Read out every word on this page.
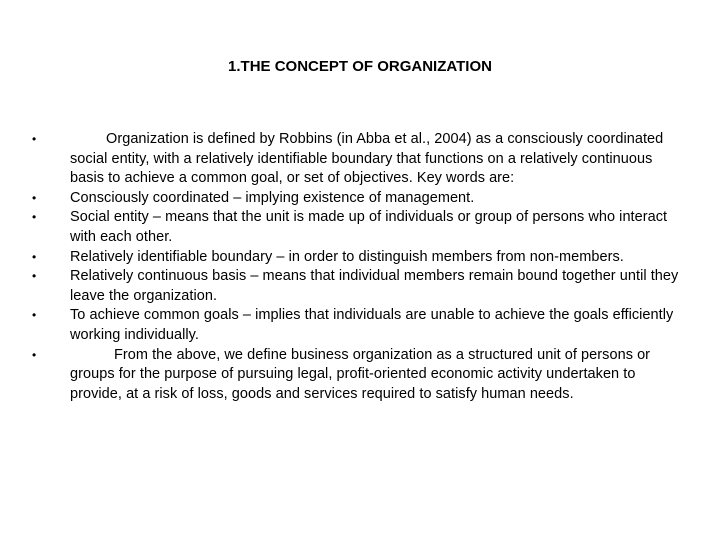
1.THE CONCEPT OF ORGANIZATION
•	Organization is defined by Robbins (in Abba et al., 2004) as a consciously coordinated social entity, with a relatively identifiable boundary that functions on a relatively continuous basis to achieve a common goal, or set of objectives. Key words are:
• Consciously coordinated – implying existence of management.
• Social entity – means that the unit is made up of individuals or group of persons who interact with each other.
• Relatively identifiable boundary – in order to distinguish members from non-members.
• Relatively continuous basis – means that individual members remain bound together until they leave the organization.
• To achieve common goals – implies that individuals are unable to achieve the goals efficiently working individually.
•	From the above, we define business organization as a structured unit of persons or groups for the purpose of pursuing legal, profit-oriented economic activity undertaken to provide, at a risk of loss, goods and services required to satisfy human needs.
